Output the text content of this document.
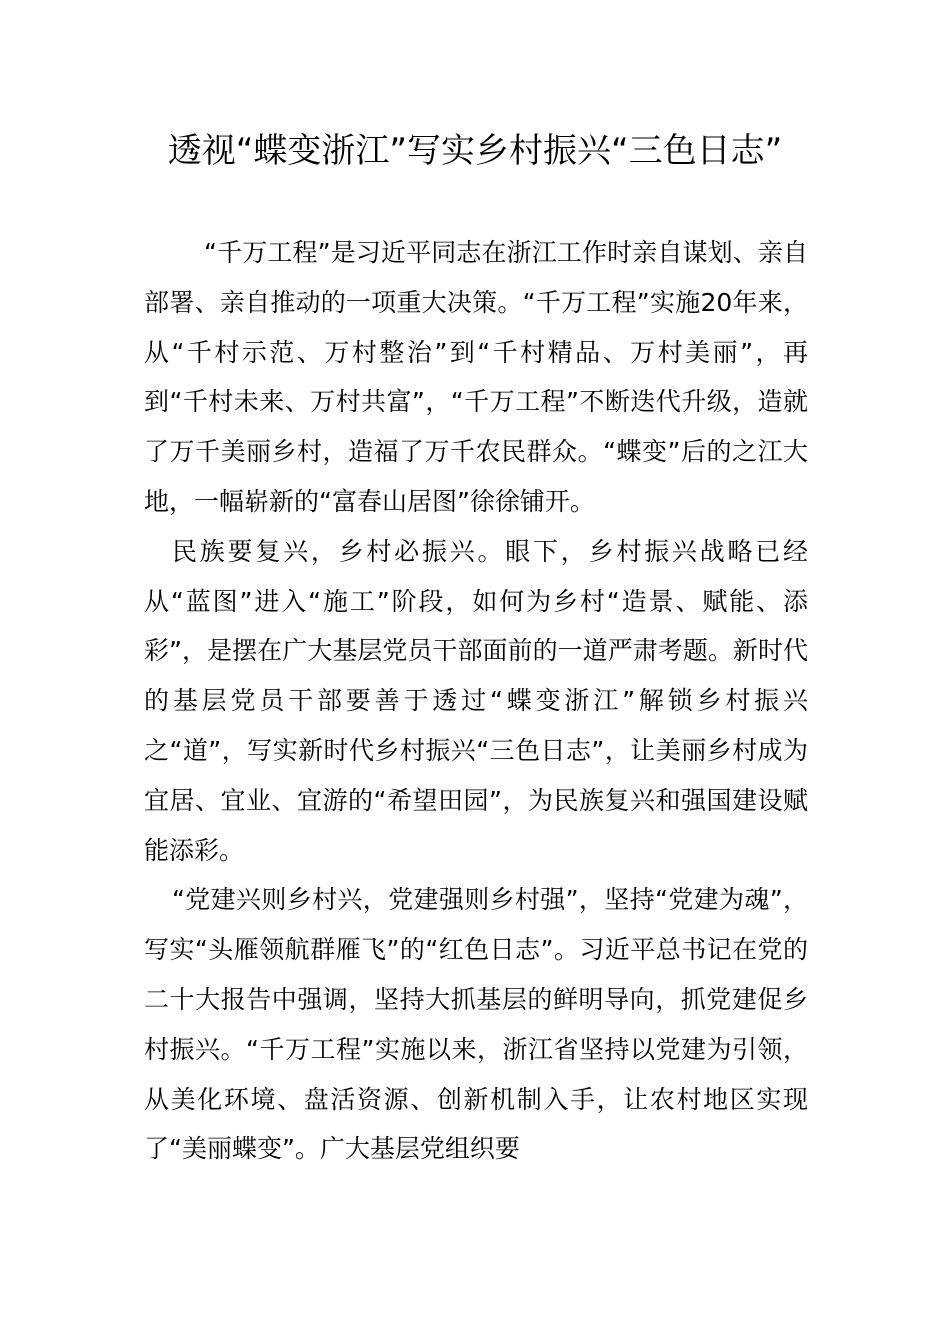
透视“蝶变浙江”写实乡村振兴“三色日志”

“千万工程”是习近平同志在浙江工作时亲自谋划、亲自部署、亲自推动的一项重大决策。“千万工程”实施20年来，从“千村示范、万村整治”到“千村精品、万村美丽”，再到“千村未来、万村共富”，“千万工程”不断迭代升级，造就了万千美丽乡村，造福了万千农民群众。“蝶变”后的之江大地，一幅崭新的“富春山居图”徐徐铺开。

民族要复兴，乡村必振兴。眼下，乡村振兴战略已经从“蓝图”进入“施工”阶段，如何为乡村“造景、赋能、添彩”，是摆在广大基层党员干部面前的一道严肃考题。新时代的基层党员干部要善于透过“蝶变浙江”解锁乡村振兴之“道”，写实新时代乡村振兴“三色日志”，让美丽乡村成为宜居、宜业、宜游的“希望田园”，为民族复兴和强国建设赋能添彩。

“党建兴则乡村兴，党建强则乡村强”，坚持“党建为魂”，写实“头雁领航群雁飞”的“红色日志”。习近平总书记在党的二十大报告中强调，坚持大抓基层的鲜明导向，抓党建促乡村振兴。“千万工程”实施以来，浙江省坚持以党建为引领，从美化环境、盘活资源、创新机制入手，让农村地区实现了“美丽蝶变”。广大基层党组织要
